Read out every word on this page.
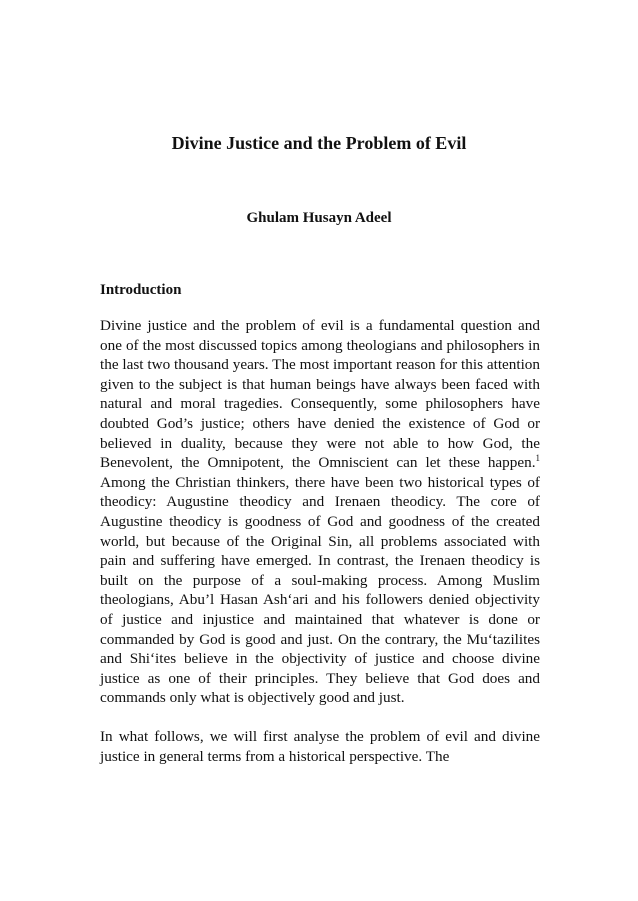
Divine Justice and the Problem of Evil
Ghulam Husayn Adeel
Introduction

Divine justice and the problem of evil is a fundamental question and one of the most discussed topics among theologians and philosophers in the last two thousand years. The most important reason for this attention given to the subject is that human beings have always been faced with natural and moral tragedies. Consequently, some philosophers have doubted God’s justice; others have denied the existence of God or believed in duality, because they were not able to how God, the Benevolent, the Omnipotent, the Omniscient can let these happen.$^1$ Among the Christian thinkers, there have been two historical types of theodicy: Augustine theodicy and Irenaen theodicy. The core of Augustine theodicy is goodness of God and goodness of the created world, but because of the Original Sin, all problems associated with pain and suffering have emerged. In contrast, the Irenaen theodicy is built on the purpose of a soul-making process. Among Muslim theologians, Abu’l Hasan Ash‘ari and his followers denied objectivity of justice and injustice and maintained that whatever is done or commanded by God is good and just. On the contrary, the Mu‘tazilites and Shi‘ites believe in the objectivity of justice and choose divine justice as one of their principles. They believe that God does and commands only what is objectively good and just.

In what follows, we will first analyse the problem of evil and divine justice in general terms from a historical perspective. The
